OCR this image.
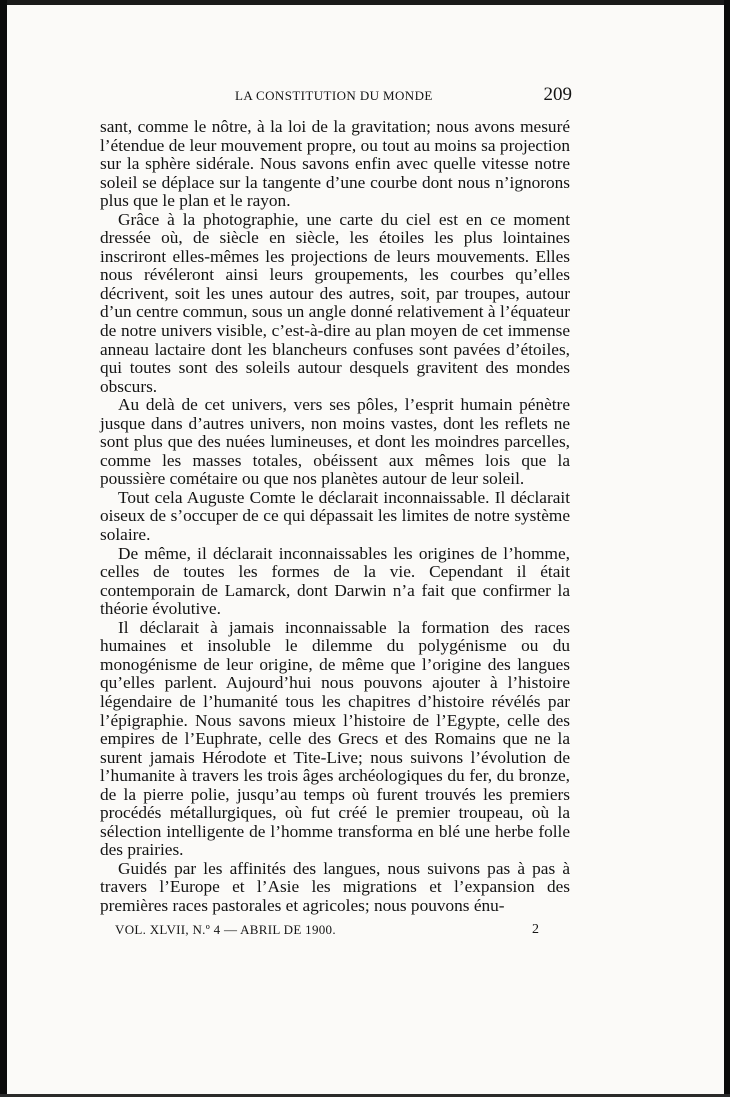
LA CONSTITUTION DU MONDE	209

sant, comme le nôtre, à la loi de la gravitation; nous avons mesuré l’étendue de leur mouvement propre, ou tout au moins sa projection sur la sphère sidérale. Nous savons enfin avec quelle vitesse notre soleil se déplace sur la tangente d’une courbe dont nous n’ignorons plus que le plan et le rayon.

Grâce à la photographie, une carte du ciel est en ce moment dressée où, de siècle en siècle, les étoiles les plus lointaines inscriront elles-mêmes les projections de leurs mouvements. Elles nous révéleront ainsi leurs groupements, les courbes qu’elles décrivent, soit les unes autour des autres, soit, par troupes, autour d’un centre commun, sous un angle donné relativement à l’équateur de notre univers visible, c’est-à-dire au plan moyen de cet immense anneau lactaire dont les blancheurs confuses sont pavées d’étoiles, qui toutes sont des soleils autour desquels gravitent des mondes obscurs.

Au delà de cet univers, vers ses pôles, l’esprit humain pénètre jusque dans d’autres univers, non moins vastes, dont les reflets ne sont plus que des nuées lumineuses, et dont les moindres parcelles, comme les masses totales, obéissent aux mêmes lois que la poussière cométaire ou que nos planètes autour de leur soleil.

Tout cela Auguste Comte le déclarait inconnaissable. Il déclarait oiseux de s’occuper de ce qui dépassait les limites de notre système solaire.

De même, il déclarait inconnaissables les origines de l’homme, celles de toutes les formes de la vie. Cependant il était contemporain de Lamarck, dont Darwin n’a fait que confirmer la théorie évolutive.

Il déclarait à jamais inconnaissable la formation des races humaines et insoluble le dilemme du polygénisme ou du monogénisme de leur origine, de même que l’origine des langues qu’elles parlent. Aujourd’hui nous pouvons ajouter à l’histoire légendaire de l’humanité tous les chapitres d’histoire révélés par l’épigraphie. Nous savons mieux l’histoire de l’Egypte, celle des empires de l’Euphrate, celle des Grecs et des Romains que ne la surent jamais Hérodote et Tite-Live; nous suivons l’évolution de l’humanite à travers les trois âges archéologiques du fer, du bronze, de la pierre polie, jusqu’au temps où furent trouvés les premiers procédés métallurgiques, où fut créé le premier troupeau, où la sélection intelligente de l’homme transforma en blé une herbe folle des prairies.

Guidés par les affinités des langues, nous suivons pas à pas à travers l’Europe et l’Asie les migrations et l’expansion des premières races pastorales et agricoles; nous pouvons énu-

VOL. XLVII, N.º 4 — ABRIL DE 1900.	2
